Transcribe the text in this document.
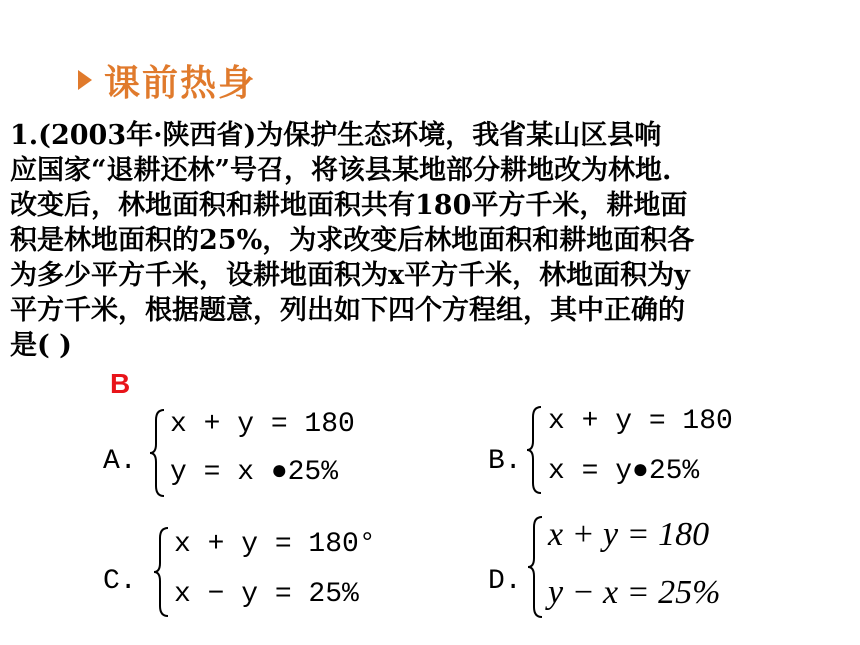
课前热身
1.(2003年·陕西省)为保护生态环境，我省某山区县响
应国家“退耕还林”号召，将该县某地部分耕地改为林地.
改变后，林地面积和耕地面积共有180平方千米，耕地面
积是林地面积的25%，为求改变后林地面积和耕地面积各
为多少平方千米，设耕地面积为x平方千米，林地面积为y
平方千米，根据题意，列出如下四个方程组，其中正确的
是( )
B
A.
x + y = 180
y = x ●25%	B.
x + y = 180
x = y●25%
C.
x + y = 180°
x − y = 25%	D.
x + y = 180
y − x = 25%
